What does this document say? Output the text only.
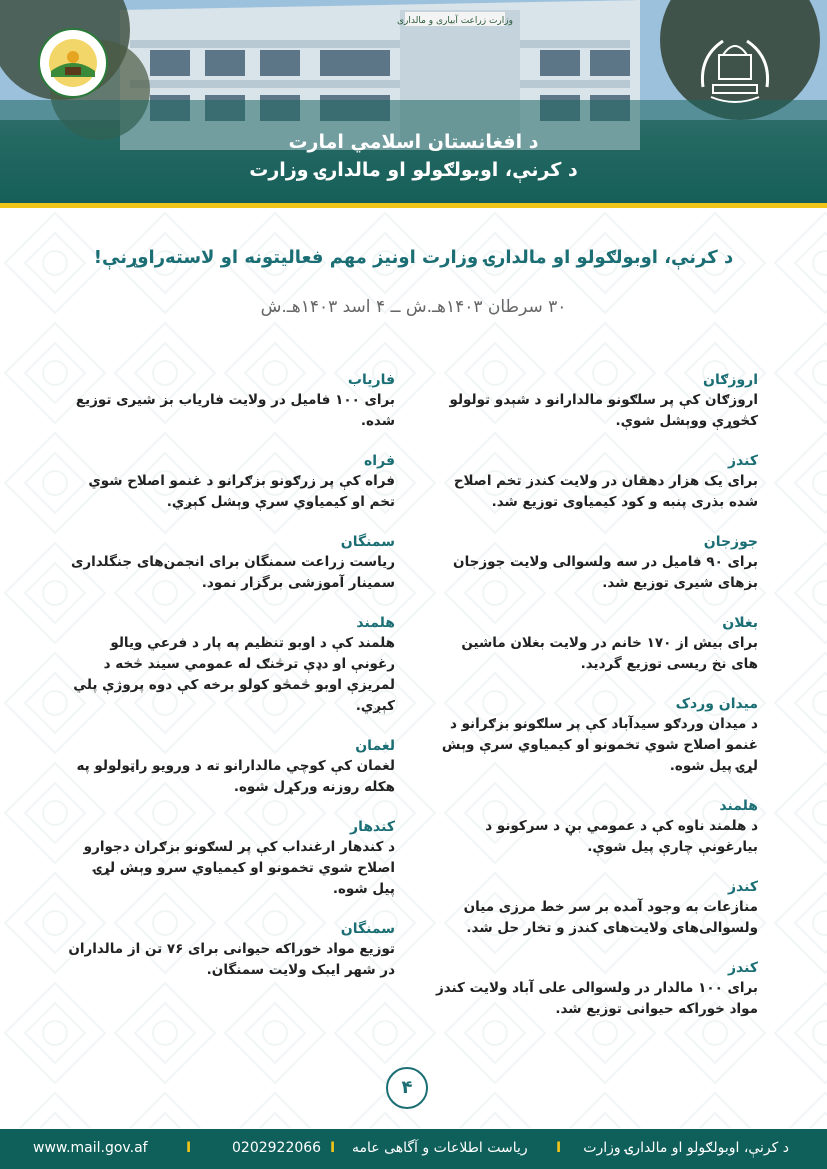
وزارت زراعت آبیاری و مالداری
د افغانستان اسلامي امارت
د کرنې، اوبولګولو او مالدارۍ وزارت
د کرنې، اوبولګولو او مالدارۍ وزارت اونيز مهم فعاليتونه او لاسته‌راوړنې!
۳۰ سرطان ۱۴۰۳هـ.ش ــ ۴ اسد ۱۴۰۳هـ.ش
اروزګان
اروزګان کې پر سلګونو مالدارانو د شېدو تولولو کڅوړې ووېشل شوې.
کندز
برای یک هزار دهقان در ولایت کندز تخم اصلاح شده بذری پنبه و کود کیمیاوی توزیع شد.
جوزجان
برای ۹۰ فامیل در سه ولسوالی ولایت جوزجان بزهای شیری توزیع شد.
بغلان
برای بیش از ۱۷۰ خانم در ولایت بغلان ماشین های نخ ریسی توزیع گردید.
میدان وردک
د میدان وردګو سیدآباد کې پر سلګونو بزګرانو د غنمو اصلاح شوي تخمونو او کیمیاوي سرې وېش لړۍ پیل شوه.
هلمند
د هلمند ناوه کې د عمومي بڼ د سرکونو د بیارغونې چارې پیل شوې.
کندز
منازعات به وجود آمده بر سر خط مرزی میان ولسوالی‌های ولایت‌های کندز و تخار حل شد.
کندز
برای ۱۰۰ مالدار در ولسوالی علی آباد ولایت کندز مواد خوراکه حیوانی توزیع شد.
فاریاب
برای ۱۰۰ فامیل در ولایت فاریاب بز شیری توزیع شده.
فراه
فراه کې پر زرګونو بزګرانو د غنمو اصلاح شوي تخم او کیمیاوي سرې وېشل کېږي.
سمنگان
ریاست زراعت سمنگان برای انجمن‌های جنگلداری سمینار آموزشی برگزار نمود.
هلمند
هلمند کې د اوبو تنظیم په پار د فرعي ویالو رغونې او دډې ترڅنګ له عمومي سیند څخه د لمریزې اوبو څمڅو کولو برخه کې دوه پروژې پلي کېږي.
لغمان
لغمان کې کوچي مالدارانو ته د ورویو راټولولو په هکله روزنه ورکړل شوه.
کندهار
د کندهار ارغنداب کې پر لسګونو بزګران دجوارو اصلاح شوي تخمونو او کیمیاوي سرو وېش لړۍ پیل شوه.
سمنگان
توزیع مواد خوراکه حیوانی برای ۷۶ تن از مالداران در شهر ایبک ولایت سمنگان.
۴
د کرنې، اوبولګولو او مالدارۍ وزارت
I
ریاست اطلاعات و آگاهی عامه
I
0202922066
I
www.mail.gov.af
